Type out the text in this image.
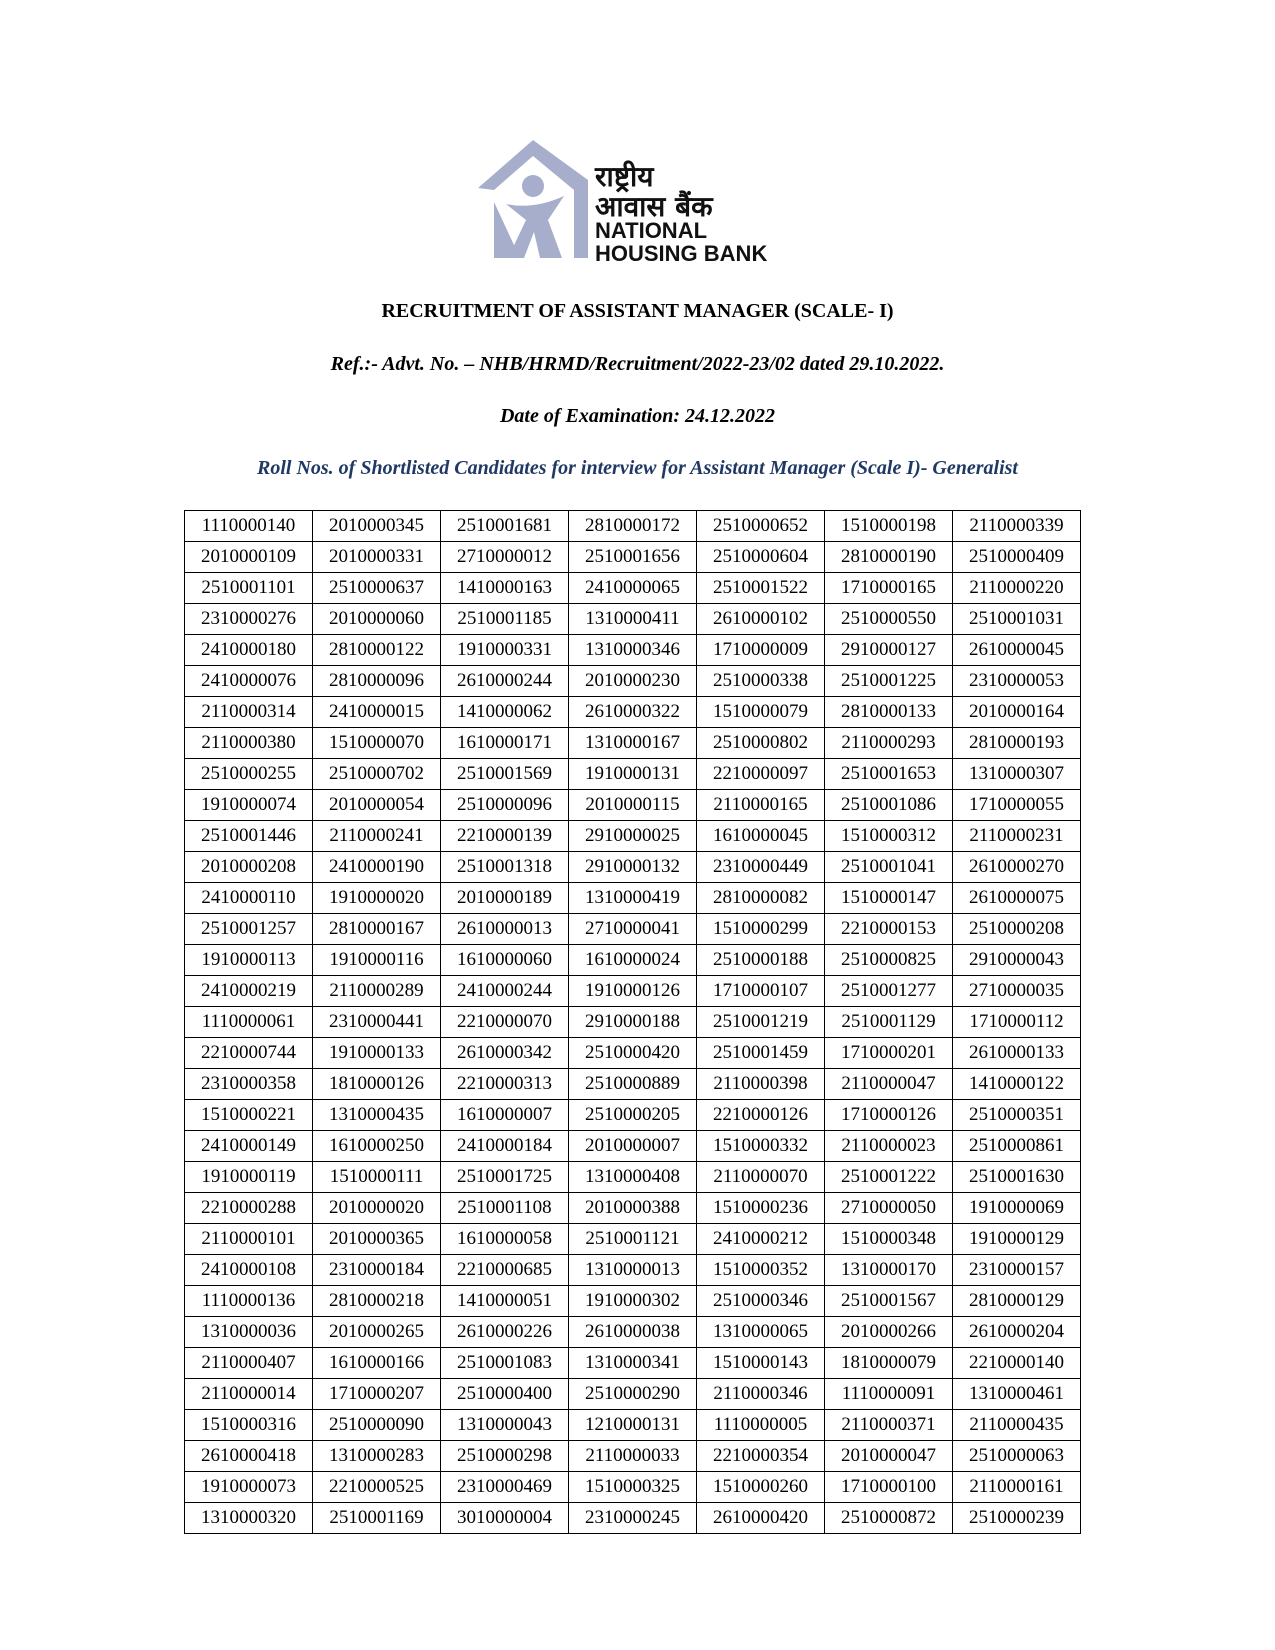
राष्ट्रीय
आवास बैंक
NATIONAL
HOUSING BANK
RECRUITMENT OF ASSISTANT MANAGER (SCALE- I)
Ref.:- Advt. No. – NHB/HRMD/Recruitment/2022-23/02 dated 29.10.2022.
Date of Examination: 24.12.2022
Roll Nos. of Shortlisted Candidates for interview for Assistant Manager (Scale I)- Generalist
1110000140	2010000345	2510001681	2810000172	2510000652	1510000198	2110000339
2010000109	2010000331	2710000012	2510001656	2510000604	2810000190	2510000409
2510001101	2510000637	1410000163	2410000065	2510001522	1710000165	2110000220
2310000276	2010000060	2510001185	1310000411	2610000102	2510000550	2510001031
2410000180	2810000122	1910000331	1310000346	1710000009	2910000127	2610000045
2410000076	2810000096	2610000244	2010000230	2510000338	2510001225	2310000053
2110000314	2410000015	1410000062	2610000322	1510000079	2810000133	2010000164
2110000380	1510000070	1610000171	1310000167	2510000802	2110000293	2810000193
2510000255	2510000702	2510001569	1910000131	2210000097	2510001653	1310000307
1910000074	2010000054	2510000096	2010000115	2110000165	2510001086	1710000055
2510001446	2110000241	2210000139	2910000025	1610000045	1510000312	2110000231
2010000208	2410000190	2510001318	2910000132	2310000449	2510001041	2610000270
2410000110	1910000020	2010000189	1310000419	2810000082	1510000147	2610000075
2510001257	2810000167	2610000013	2710000041	1510000299	2210000153	2510000208
1910000113	1910000116	1610000060	1610000024	2510000188	2510000825	2910000043
2410000219	2110000289	2410000244	1910000126	1710000107	2510001277	2710000035
1110000061	2310000441	2210000070	2910000188	2510001219	2510001129	1710000112
2210000744	1910000133	2610000342	2510000420	2510001459	1710000201	2610000133
2310000358	1810000126	2210000313	2510000889	2110000398	2110000047	1410000122
1510000221	1310000435	1610000007	2510000205	2210000126	1710000126	2510000351
2410000149	1610000250	2410000184	2010000007	1510000332	2110000023	2510000861
1910000119	1510000111	2510001725	1310000408	2110000070	2510001222	2510001630
2210000288	2010000020	2510001108	2010000388	1510000236	2710000050	1910000069
2110000101	2010000365	1610000058	2510001121	2410000212	1510000348	1910000129
2410000108	2310000184	2210000685	1310000013	1510000352	1310000170	2310000157
1110000136	2810000218	1410000051	1910000302	2510000346	2510001567	2810000129
1310000036	2010000265	2610000226	2610000038	1310000065	2010000266	2610000204
2110000407	1610000166	2510001083	1310000341	1510000143	1810000079	2210000140
2110000014	1710000207	2510000400	2510000290	2110000346	1110000091	1310000461
1510000316	2510000090	1310000043	1210000131	1110000005	2110000371	2110000435
2610000418	1310000283	2510000298	2110000033	2210000354	2010000047	2510000063
1910000073	2210000525	2310000469	1510000325	1510000260	1710000100	2110000161
1310000320	2510001169	3010000004	2310000245	2610000420	2510000872	2510000239
